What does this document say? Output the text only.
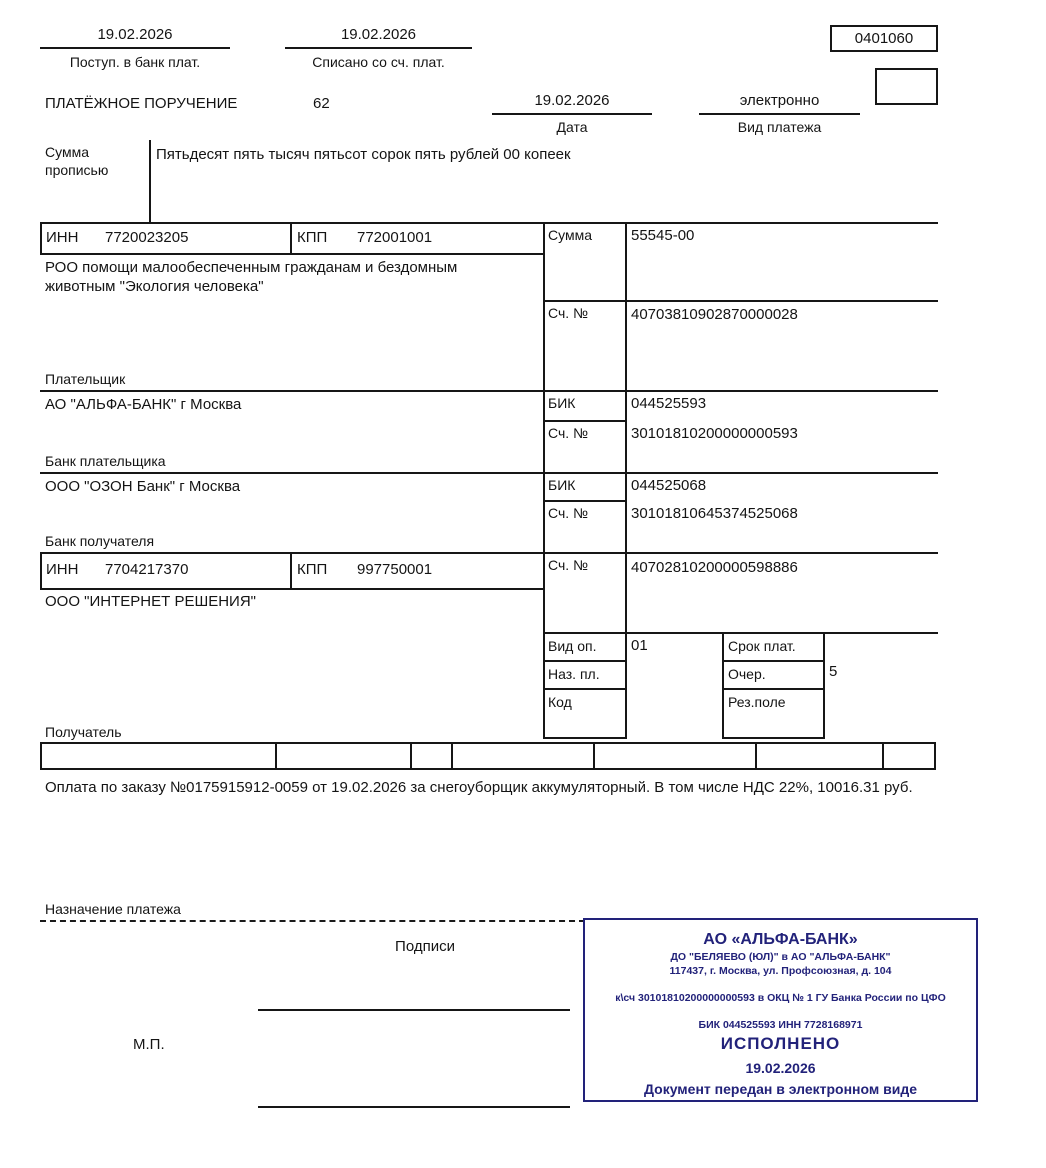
19.02.2026
Поступ. в банк плат.
19.02.2026
Списано со сч. плат.
0401060
ПЛАТЁЖНОЕ ПОРУЧЕНИЕ	62	19.02.2026
Дата
электронно
Вид платежа
Сумма прописью
Пятьдесят пять тысяч пятьсот сорок пять рублей 00 копеек
ИНН 7720023205	КПП 772001001	Сумма	55545-00
РОО помощи малообеспеченным гражданам и бездомным животным "Экология человека"
Сч. №	40703810902870000028
Плательщик
АО "АЛЬФА-БАНК" г Москва	БИК	044525593
Сч. №	30101810200000000593
Банк плательщика
ООО "ОЗОН Банк" г Москва	БИК	044525068
Сч. №	30101810645374525068
Банк получателя
ИНН 7704217370	КПП 997750001	Сч. №	40702810200000598886
ООО "ИНТЕРНЕТ РЕШЕНИЯ"
Вид оп. 01
Наз. пл.
Код
Срок плат.
Очер.	5
Рез.поле
Получатель
Оплата по заказу №0175915912-0059 от 19.02.2026 за снегоуборщик аккумуляторный. В том числе НДС 22%, 10016.31 руб.
Назначение платежа
Подписи
М.П.
АО «АЛЬФА-БАНК»
ДО "БЕЛЯЕВО (ЮЛ)" в АО "АЛЬФА-БАНК"
117437, г. Москва, ул. Профсоюзная, д. 104
к\сч 30101810200000000593 в ОКЦ № 1 ГУ Банка России по ЦФО
БИК 044525593 ИНН 7728168971
ИСПОЛНЕНО
19.02.2026
Документ передан в электронном виде
